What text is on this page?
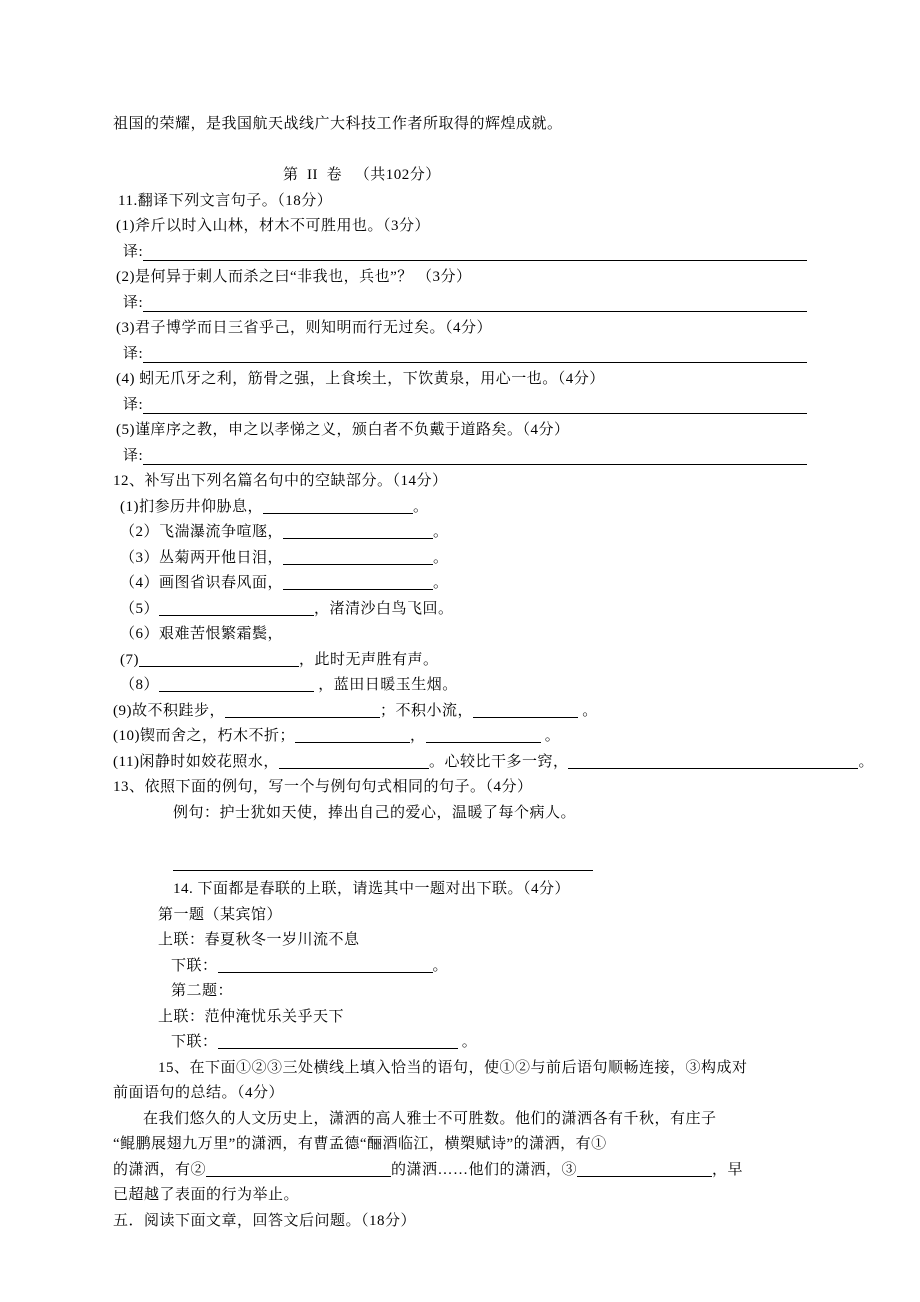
祖国的荣耀，是我国航天战线广大科技工作者所取得的辉煌成就。

第  II  卷   （共102分）
11.翻译下列文言句子。（18分）
(1)斧斤以时入山林，材木不可胜用也。（3分）
译:
(2)是何异于刺人而杀之曰“非我也，兵也”？ （3分）
译:
(3)君子博学而日三省乎己，则知明而行无过矣。（4分）
译:
(4) 蚓无爪牙之利，筋骨之强，上食埃土，下饮黄泉，用心一也。（4分）
译:
(5)谨庠序之教，申之以孝悌之义，颁白者不负戴于道路矣。（4分）
译:
12、补写出下列名篇名句中的空缺部分。（14分）
(1)扪参历井仰胁息，	。
（2）飞湍瀑流争喧豗，	。
（3）丛菊两开他日泪，	。
（4）画图省识春风面，	。
（5）	，渚清沙白鸟飞回。
（6）艰难苦恨繁霜鬓，
(7)	，此时无声胜有声。
（8）	，蓝田日暖玉生烟。
(9)故不积跬步，	；不积小流，	。
(10)锲而舍之，朽木不折；	，	。
(11)闲静时如姣花照水，	。心较比干多一窍，	。
13、依照下面的例句，写一个与例句句式相同的句子。（4分）
例句：护士犹如天使，捧出自己的爱心，温暖了每个病人。

14. 下面都是春联的上联，请选其中一题对出下联。（4分）
第一题（某宾馆）
上联：春夏秋冬一岁川流不息
下联：	。
第二题：
上联：范仲淹忧乐关乎天下
下联：	。
15、在下面①②③三处横线上填入恰当的语句，使①②与前后语句顺畅连接，③构成对
前面语句的总结。（4分）
在我们悠久的人文历史上，潇洒的高人雅士不可胜数。他们的潇洒各有千秋，有庄子
“鲲鹏展翅九万里”的潇洒，有曹孟德“酾酒临江，横槊赋诗”的潇洒，有①
的潇洒，有②	的潇洒……他们的潇洒，③	，早
已超越了表面的行为举止。
五．阅读下面文章，回答文后问题。（18分）
